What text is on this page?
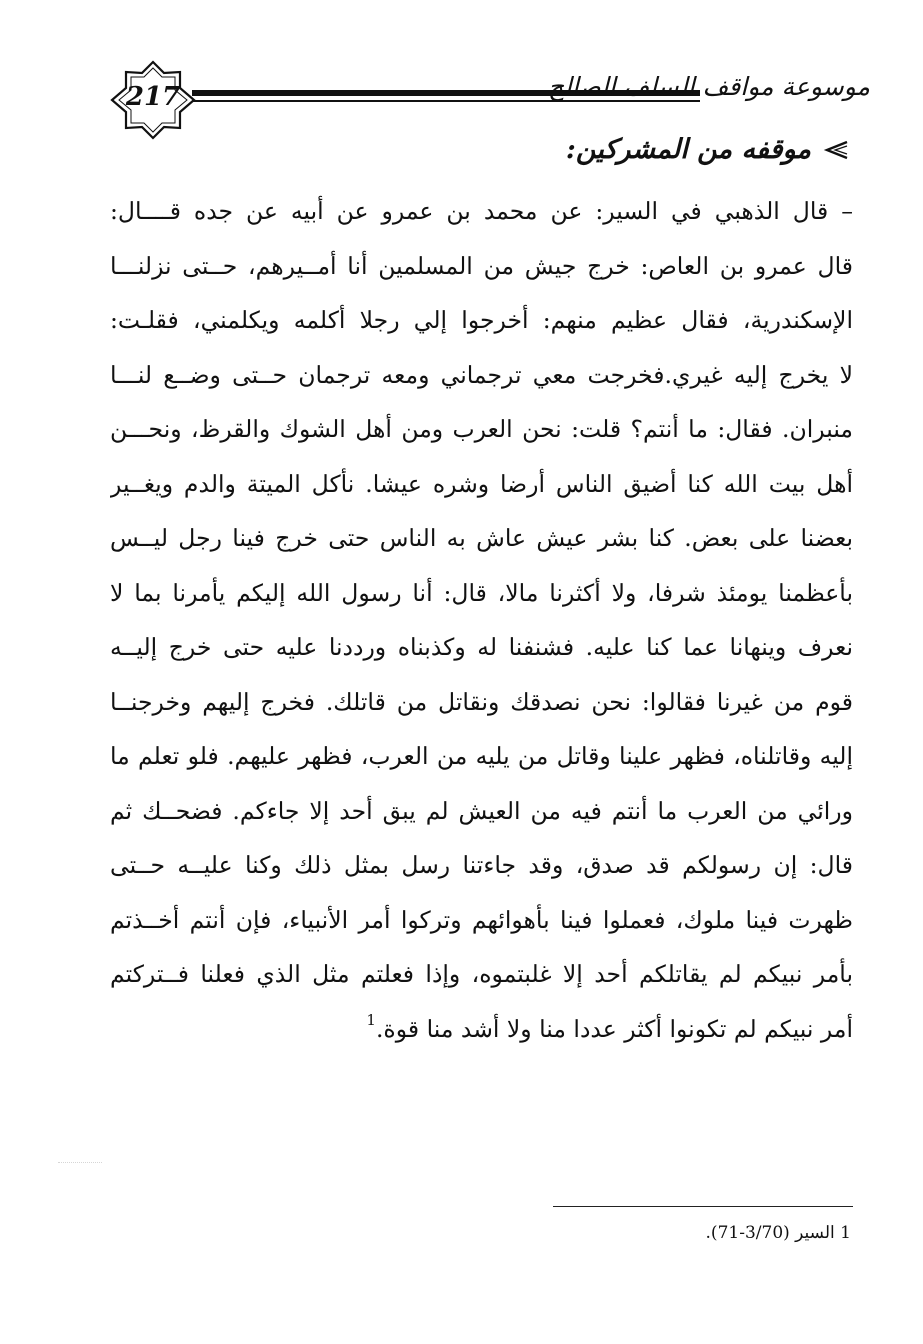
217	موسوعة مواقف السلف الصالح
موقفه من المشركين:
– قال الذهبي في السير: عن محمد بن عمرو عن أبيه عن جده قــــال:
قال عمرو بن العاص: خرج جيش من المسلمين أنا أمــيرهم، حــتى نزلنـــا
الإسكندرية، فقال عظيم منهم: أخرجوا إلي رجلا أكلمه ويكلمني، فقلـت:
لا يخرج إليه غيري.فخرجت معي ترجماني ومعه ترجمان حــتى وضــع لنـــا
منبران. فقال: ما أنتم؟ قلت: نحن العرب ومن أهل الشوك والقرظ، ونحـــن
أهل بيت الله كنا أضيق الناس أرضا وشره عيشا. نأكل الميتة والدم ويغــير
بعضنا على بعض. كنا بشر عيش عاش به الناس حتى خرج فينا رجل ليــس
بأعظمنا يومئذ شرفا، ولا أكثرنا مالا، قال: أنا رسول الله إليكم يأمرنا بما لا
نعرف وينهانا عما كنا عليه. فشنفنا له وكذبناه ورددنا عليه حتى خرج إليــه
قوم من غيرنا فقالوا: نحن نصدقك ونقاتل من قاتلك. فخرج إليهم وخرجنــا
إليه وقاتلناه، فظهر علينا وقاتل من يليه من العرب، فظهر عليهم. فلو تعلم ما
ورائي من العرب ما أنتم فيه من العيش لم يبق أحد إلا جاءكم. فضحــك ثم
قال: إن رسولكم قد صدق، وقد جاءتنا رسل بمثل ذلك وكنا عليــه حــتى
ظهرت فينا ملوك، فعملوا فينا بأهوائهم وتركوا أمر الأنبياء، فإن أنتم أخــذتم
بأمر نبيكم لم يقاتلكم أحد إلا غلبتموه، وإذا فعلتم مثل الذي فعلنا فــتركتم
أمر نبيكم لم تكونوا أكثر عددا منا ولا أشد منا قوة.$^1$
1 السير (3/70-71).
